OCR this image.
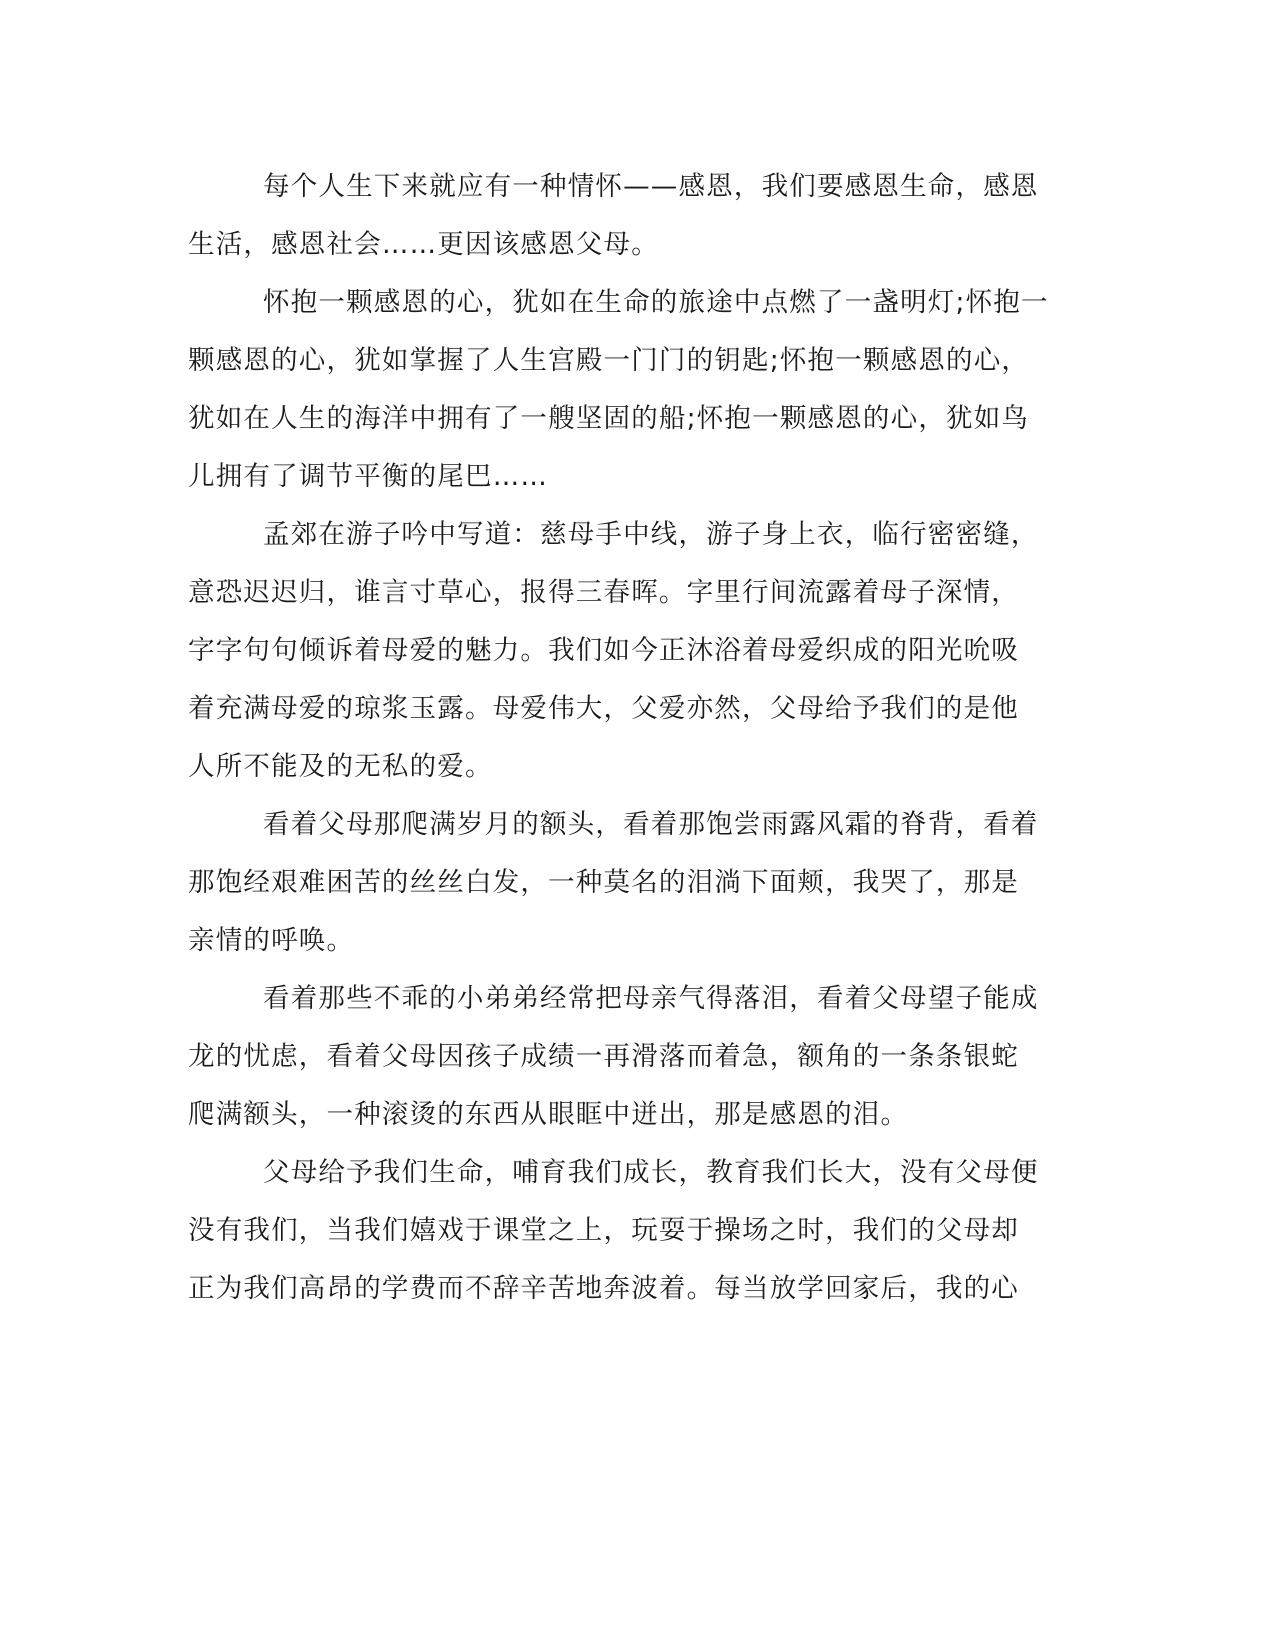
每个人生下来就应有一种情怀——感恩，我们要感恩生命，感恩
生活，感恩社会……更因该感恩父母。
怀抱一颗感恩的心，犹如在生命的旅途中点燃了一盏明灯;怀抱一
颗感恩的心，犹如掌握了人生宫殿一门门的钥匙;怀抱一颗感恩的心，
犹如在人生的海洋中拥有了一艘坚固的船;怀抱一颗感恩的心，犹如鸟
儿拥有了调节平衡的尾巴……
孟郊在游子吟中写道：慈母手中线，游子身上衣，临行密密缝，
意恐迟迟归，谁言寸草心，报得三春晖。字里行间流露着母子深情，
字字句句倾诉着母爱的魅力。我们如今正沐浴着母爱织成的阳光吮吸
着充满母爱的琼浆玉露。母爱伟大，父爱亦然，父母给予我们的是他
人所不能及的无私的爱。
看着父母那爬满岁月的额头，看着那饱尝雨露风霜的脊背，看着
那饱经艰难困苦的丝丝白发，一种莫名的泪淌下面颊，我哭了，那是
亲情的呼唤。
看着那些不乖的小弟弟经常把母亲气得落泪，看着父母望子能成
龙的忧虑，看着父母因孩子成绩一再滑落而着急，额角的一条条银蛇
爬满额头，一种滚烫的东西从眼眶中迸出，那是感恩的泪。
父母给予我们生命，哺育我们成长，教育我们长大，没有父母便
没有我们，当我们嬉戏于课堂之上，玩耍于操场之时，我们的父母却
正为我们高昂的学费而不辞辛苦地奔波着。每当放学回家后，我的心
